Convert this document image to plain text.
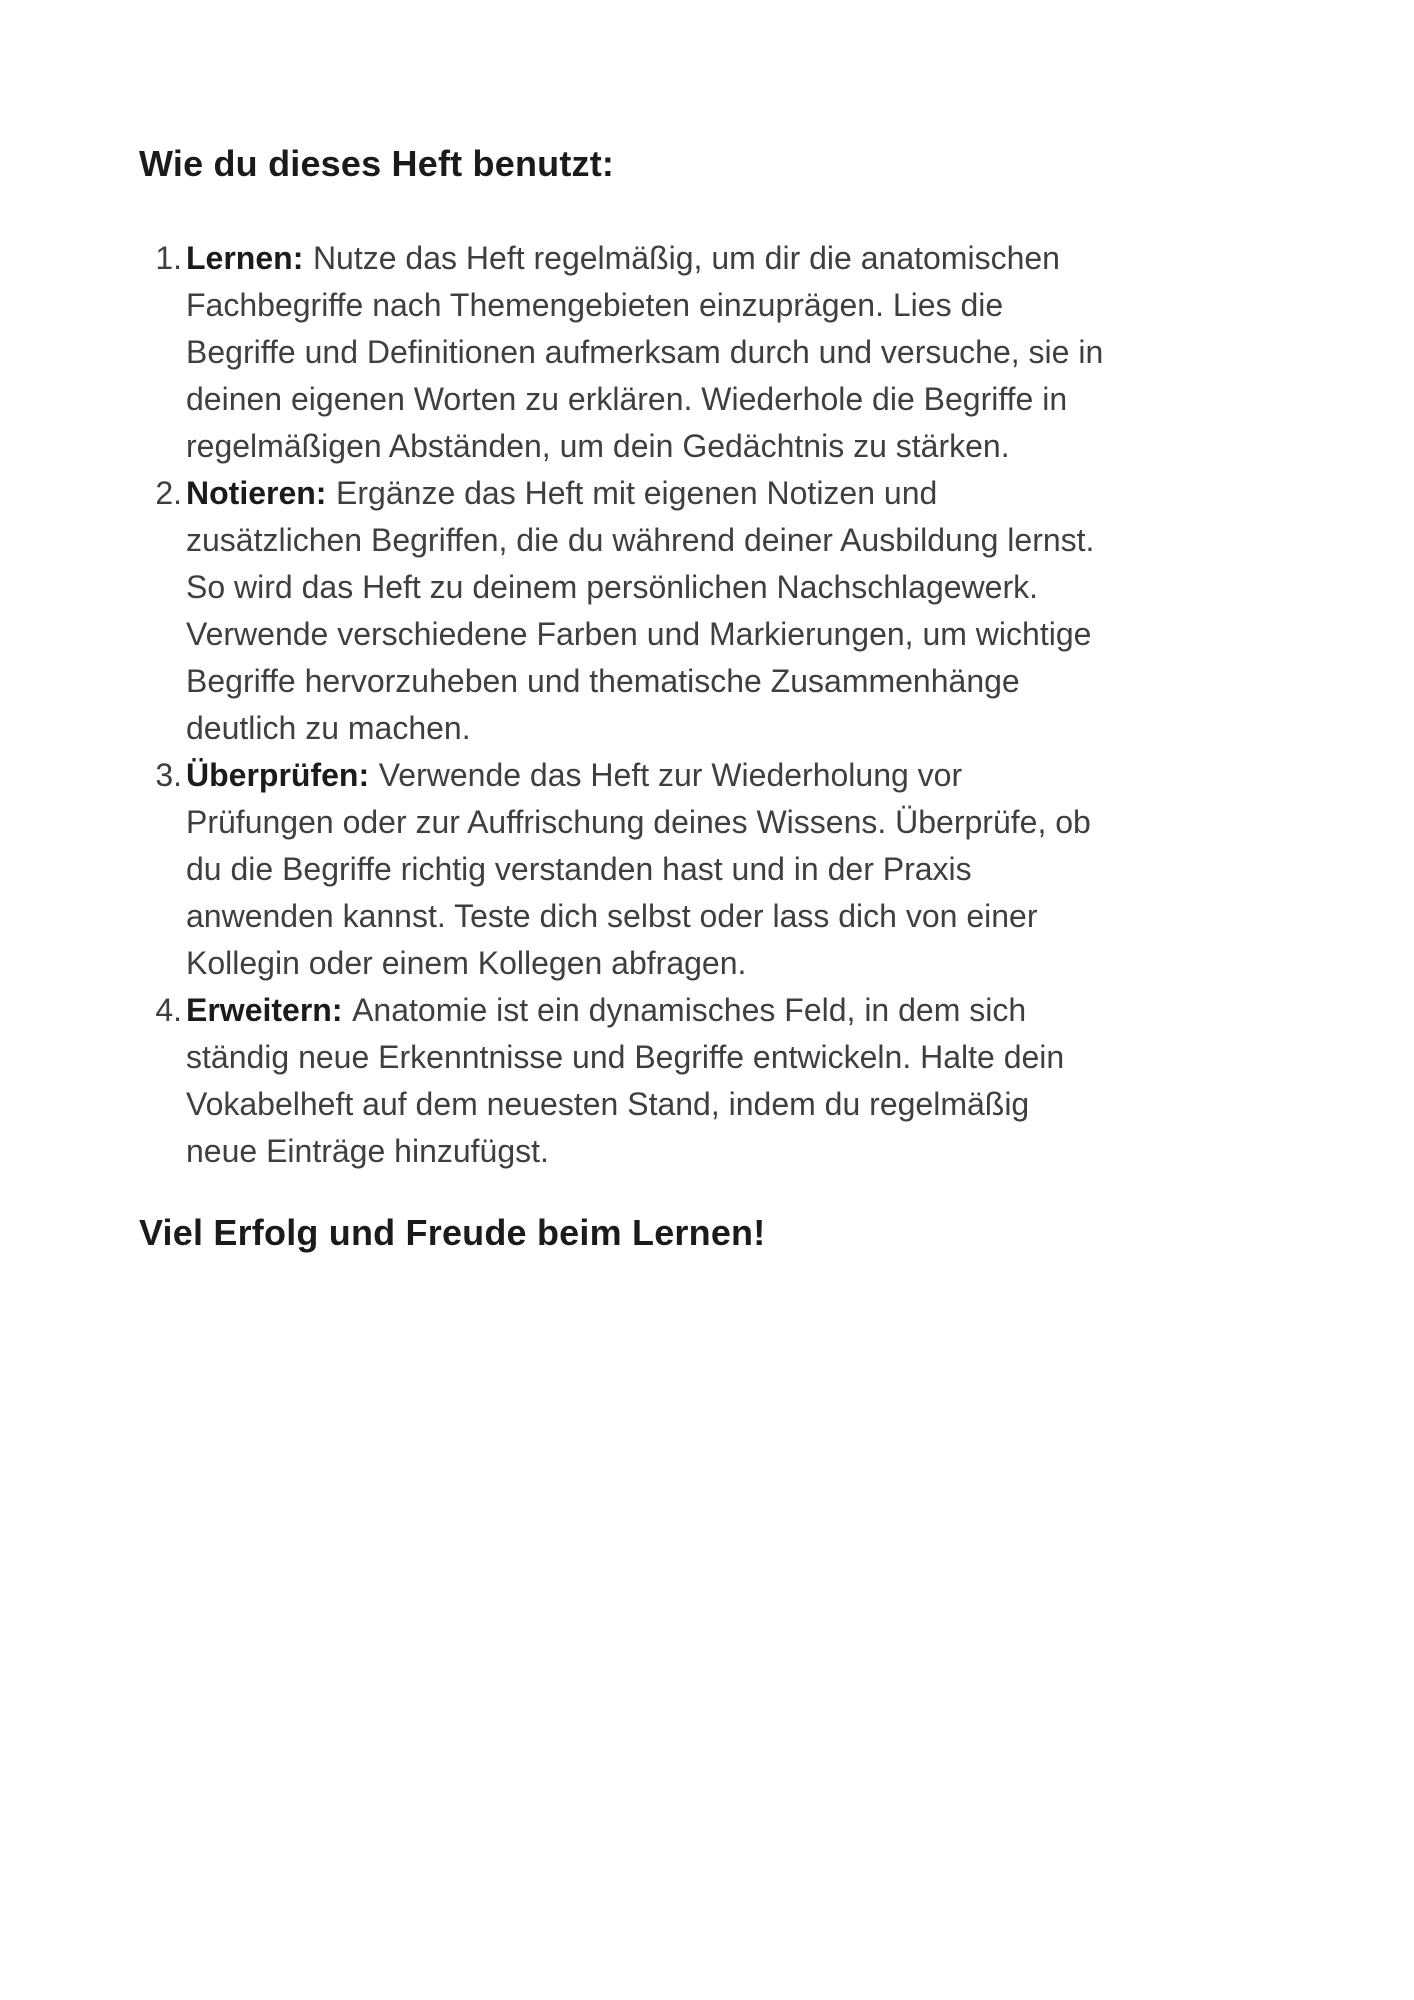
Wie du dieses Heft benutzt:
1. Lernen: Nutze das Heft regelmäßig, um dir die anatomischen Fachbegriffe nach Themengebieten einzuprägen. Lies die Begriffe und Definitionen aufmerksam durch und versuche, sie in deinen eigenen Worten zu erklären. Wiederhole die Begriffe in regelmäßigen Abständen, um dein Gedächtnis zu stärken.
2. Notieren: Ergänze das Heft mit eigenen Notizen und zusätzlichen Begriffen, die du während deiner Ausbildung lernst. So wird das Heft zu deinem persönlichen Nachschlagewerk. Verwende verschiedene Farben und Markierungen, um wichtige Begriffe hervorzuheben und thematische Zusammenhänge deutlich zu machen.
3. Überprüfen: Verwende das Heft zur Wiederholung vor Prüfungen oder zur Auffrischung deines Wissens. Überprüfe, ob du die Begriffe richtig verstanden hast und in der Praxis anwenden kannst. Teste dich selbst oder lass dich von einer Kollegin oder einem Kollegen abfragen.
4. Erweitern: Anatomie ist ein dynamisches Feld, in dem sich ständig neue Erkenntnisse und Begriffe entwickeln. Halte dein Vokabelheft auf dem neuesten Stand, indem du regelmäßig neue Einträge hinzufügst.

Viel Erfolg und Freude beim Lernen!
